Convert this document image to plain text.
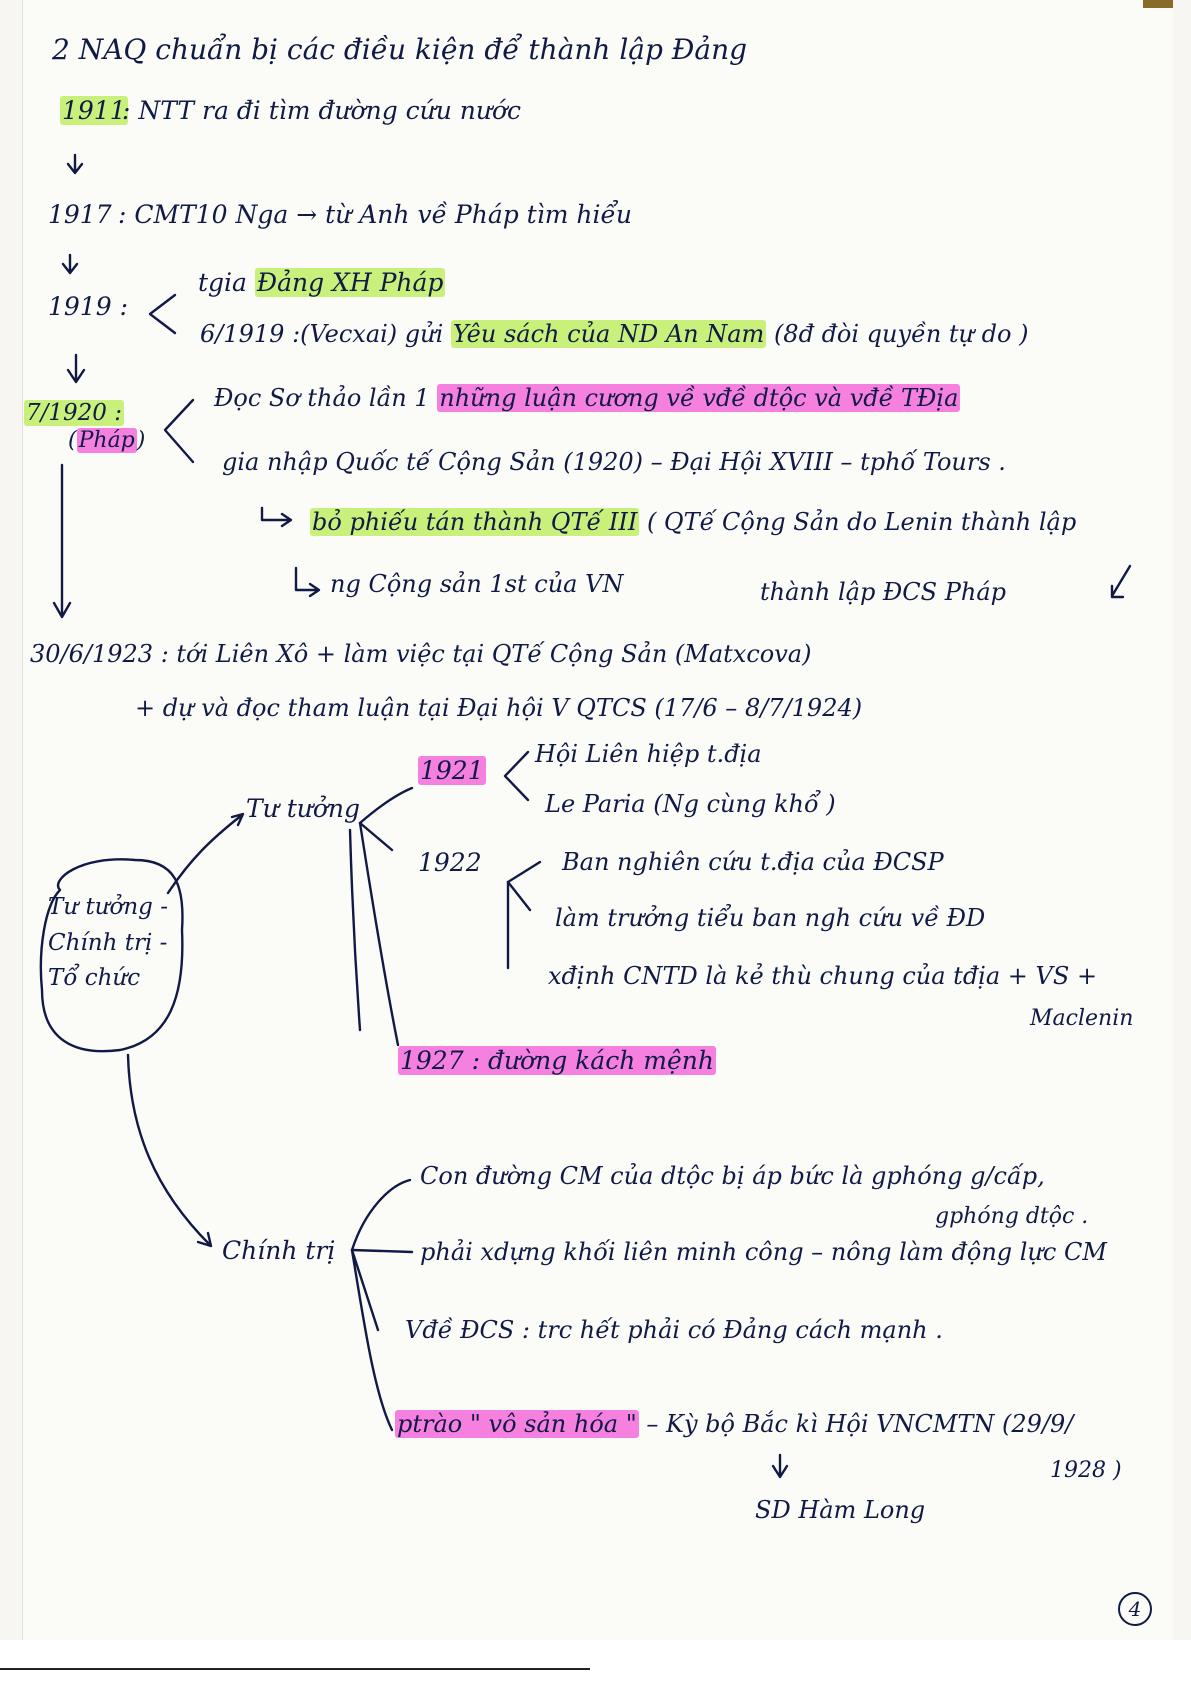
2 NAQ chuẩn bị các điều kiện để thành lập Đảng
1911
: NTT ra đi tìm đường cứu nước
1917 : CMT10 Nga → từ Anh về Pháp tìm hiểu
1919 :
tgia Đảng XH Pháp
6/1919 :(Vecxai) gửi Yêu sách của ND An Nam (8đ đòi quyền tự do )
7/1920 :
(Pháp)
Đọc Sơ thảo lần 1 những luận cương về vđề dtộc và vđề TĐịa
gia nhập Quốc tế Cộng Sản (1920) – Đại Hội XVIII – tphố Tours .
bỏ phiếu tán thành QTế III ( QTế Cộng Sản do Lenin thành lập
ng Cộng sản 1st của VN	thành lập ĐCS Pháp
30/6/1923 : tới Liên Xô + làm việc tại QTế Cộng Sản (Matxcova)
+ dự và đọc tham luận tại Đại hội V QTCS (17/6 – 8/7/1924)
Tư tưởng - Chính trị - Tổ chức
Tư tưởng
1921
Hội Liên hiệp t.địa
Le Paria (Ng cùng khổ )
1922	Ban nghiên cứu t.địa của ĐCSP
làm trưởng tiểu ban ngh cứu về ĐD
xđịnh CNTD là kẻ thù chung của tđịa + VS +
Maclenin
1927 : đường kách mệnh
Chính trị
Con đường CM của dtộc bị áp bức là gphóng g/cấp,
gphóng dtộc .
phải xdựng khối liên minh công – nông làm động lực CM
Vđề ĐCS : trc hết phải có Đảng cách mạnh .
ptrào " vô sản hóa " – Kỳ bộ Bắc kì Hội VNCMTN (29/9/
1928 )
SD Hàm Long
4
